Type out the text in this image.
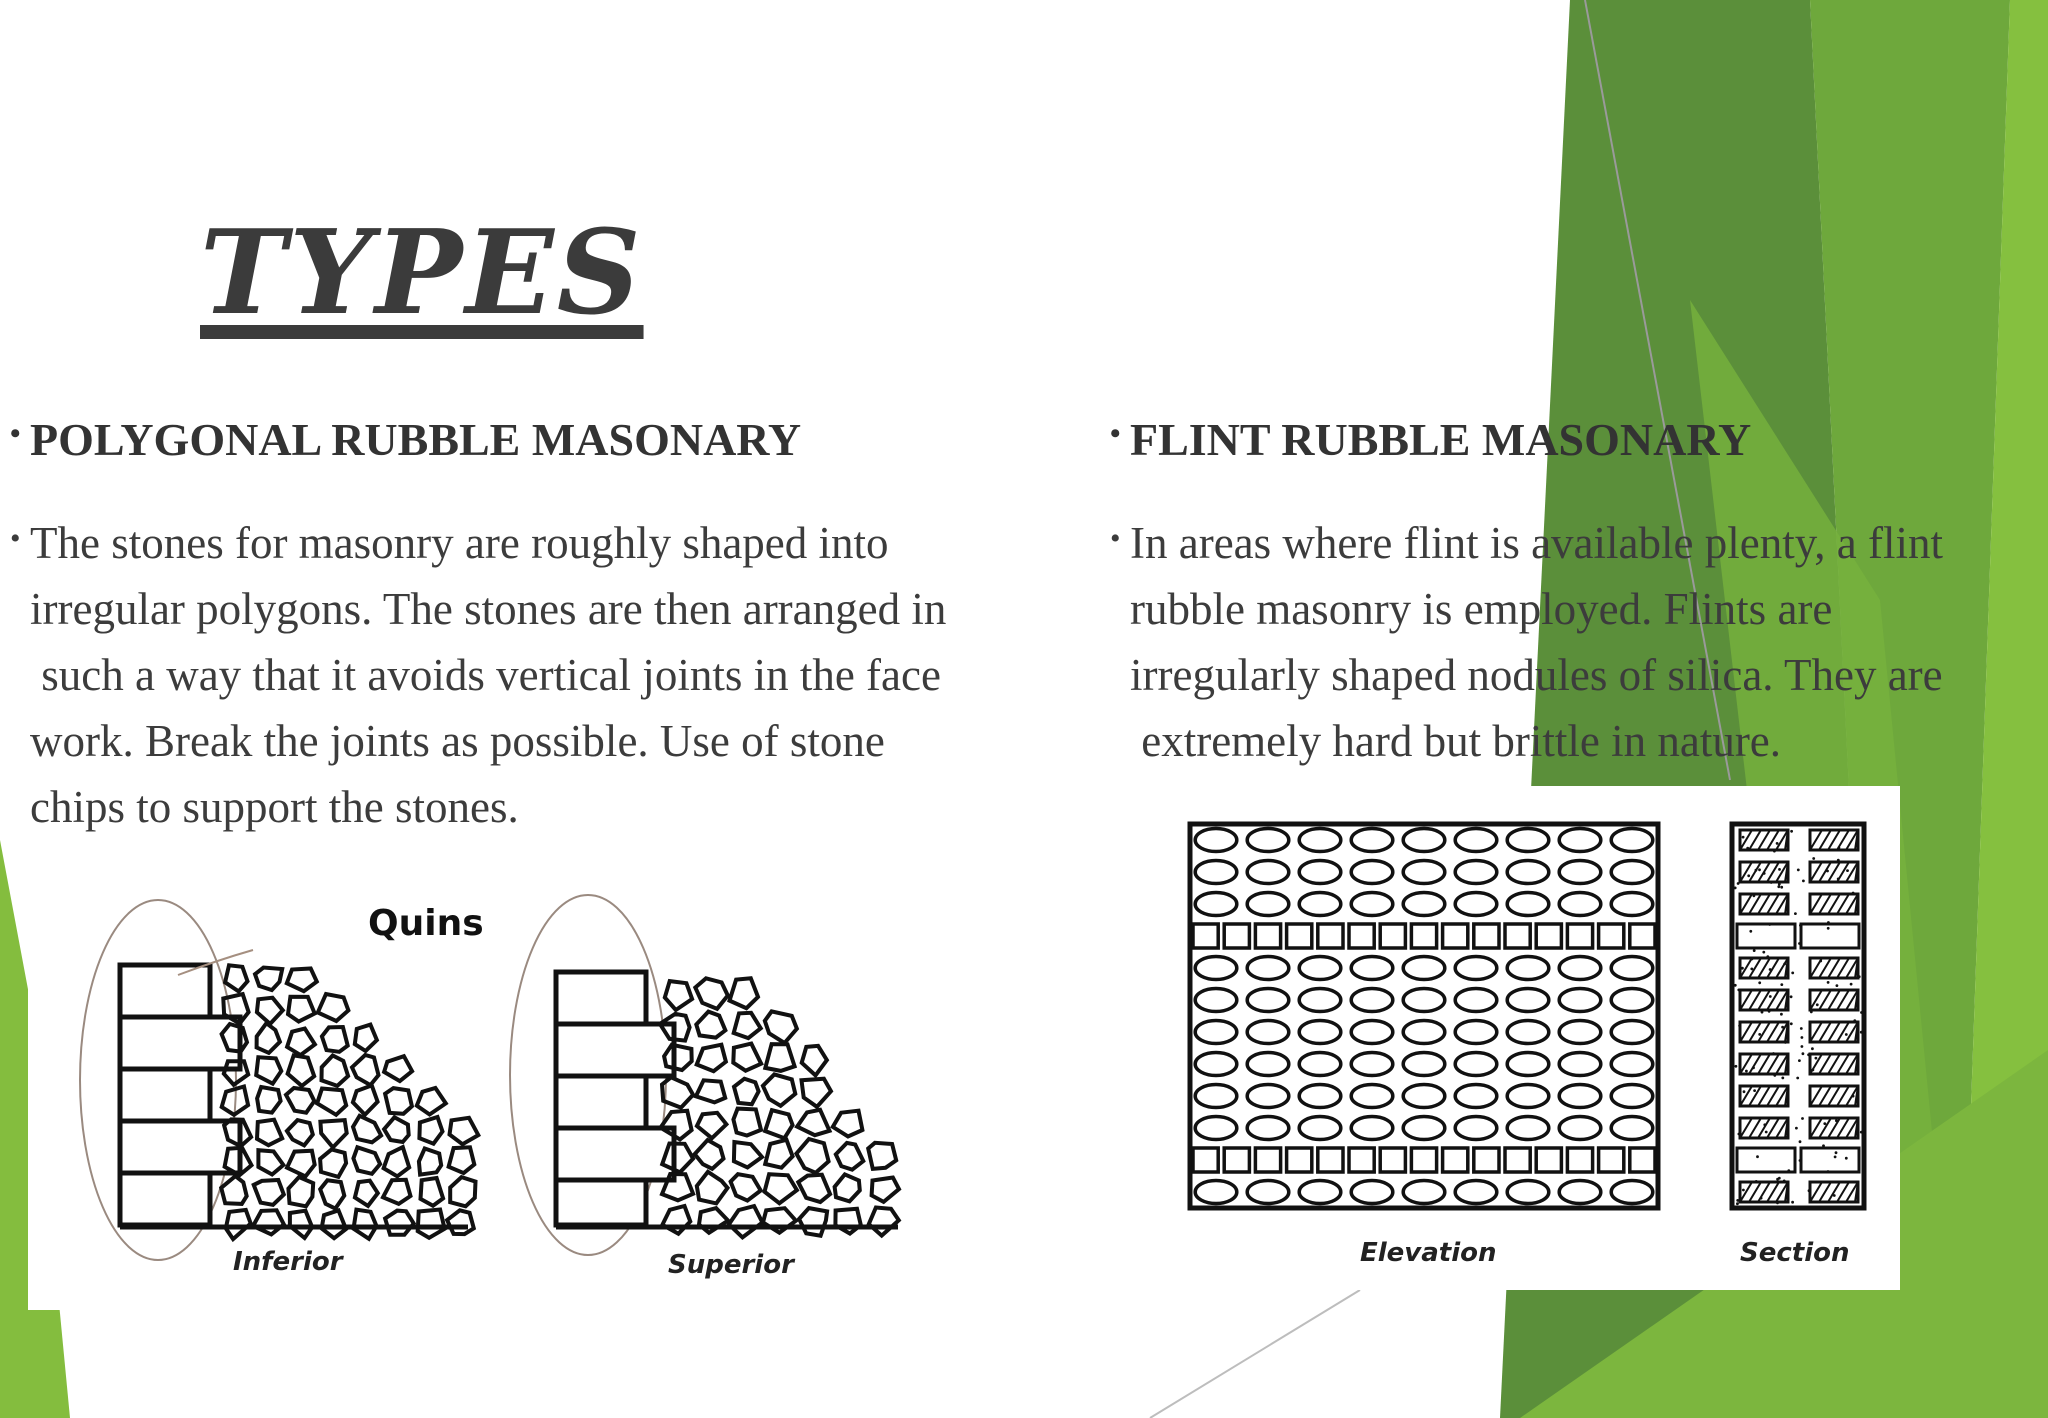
TYPES
• POLYGONAL RUBBLE MASONARY
• The stones for masonry are roughly shaped into
irregular polygons. The stones are then arranged in
such a way that it avoids vertical joints in the face
work. Break the joints as possible. Use of stone
chips to support the stones.
• FLINT RUBBLE MASONARY
• In areas where flint is available plenty, a flint
rubble masonry is employed. Flints are
irregularly shaped nodules of silica. They are
extremely hard but brittle in nature.
Quins
Inferior	Superior	Elevation	Section
